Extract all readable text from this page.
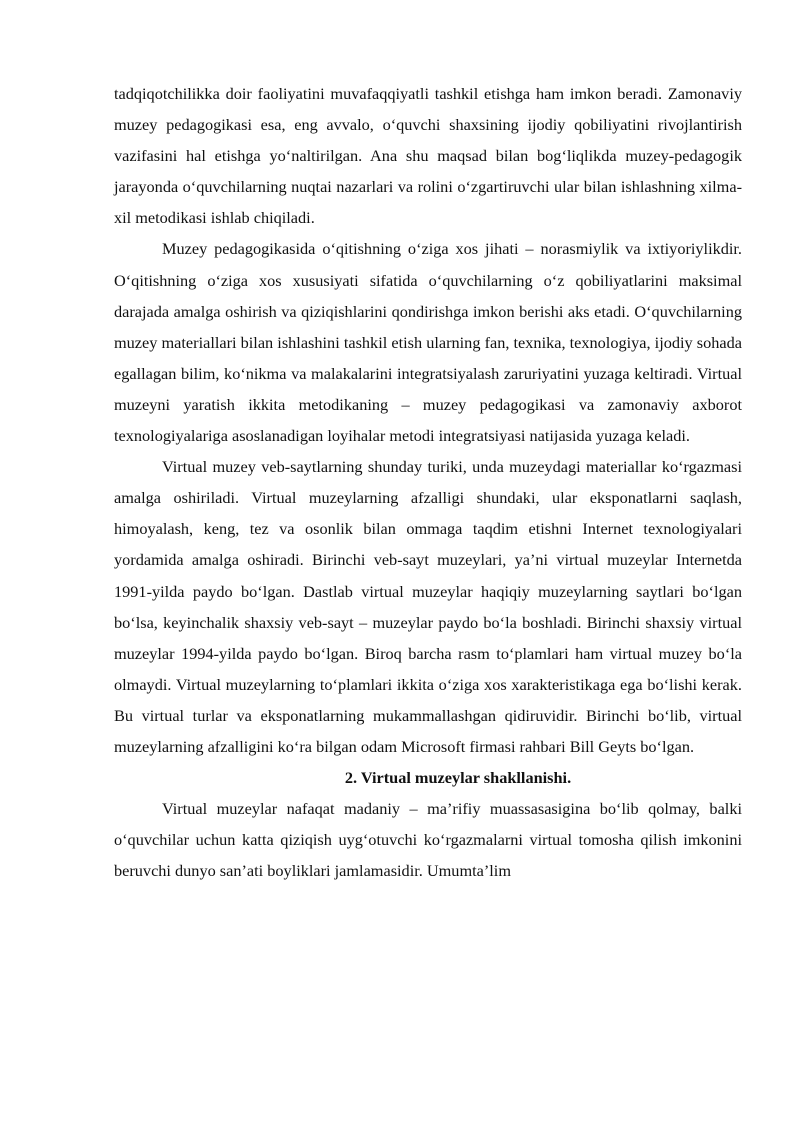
tadqiqotchilikka doir faoliyatini muvafaqqiyatli tashkil etishga ham imkon beradi. Zamonaviy muzey pedagogikasi esa, eng avvalo, o‘quvchi shaxsining ijodiy qobiliyatini rivojlantirish vazifasini hal etishga yo‘naltirilgan. Ana shu maqsad bilan bog‘liqlikda muzey-pedagogik jarayonda o‘quvchilarning nuqtai nazarlari va rolini o‘zgartiruvchi ular bilan ishlashning xilma-xil metodikasi ishlab chiqiladi.

Muzey pedagogikasida o‘qitishning o‘ziga xos jihati – norasmiylik va ixtiyoriylikdir. O‘qitishning o‘ziga xos xususiyati sifatida o‘quvchilarning o‘z qobiliyatlarini maksimal darajada amalga oshirish va qiziqishlarini qondirishga imkon berishi aks etadi. O‘quvchilarning muzey materiallari bilan ishlashini tashkil etish ularning fan, texnika, texnologiya, ijodiy sohada egallagan bilim, ko‘nikma va malakalarini integratsiyalash zaruriyatini yuzaga keltiradi. Virtual muzeyni yaratish ikkita metodikaning – muzey pedagogikasi va zamonaviy axborot texnologiyalariga asoslanadigan loyihalar metodi integratsiyasi natijasida yuzaga keladi.

Virtual muzey veb-saytlarning shunday turiki, unda muzeydagi materiallar ko‘rgazmasi amalga oshiriladi. Virtual muzeylarning afzalligi shundaki, ular eksponatlarni saqlash, himoyalash, keng, tez va osonlik bilan ommaga taqdim etishni Internet texnologiyalari yordamida amalga oshiradi. Birinchi veb-sayt muzeylari, ya’ni virtual muzeylar Internetda 1991-yilda paydo bo‘lgan. Dastlab virtual muzeylar haqiqiy muzeylarning saytlari bo‘lgan bo‘lsa, keyinchalik shaxsiy veb-sayt – muzeylar paydo bo‘la boshladi. Birinchi shaxsiy virtual muzeylar 1994-yilda paydo bo‘lgan. Biroq barcha rasm to‘plamlari ham virtual muzey bo‘la olmaydi. Virtual muzeylarning to‘plamlari ikkita o‘ziga xos xarakteristikaga ega bo‘lishi kerak. Bu virtual turlar va eksponatlarning mukammallashgan qidiruvidir. Birinchi bo‘lib, virtual muzeylarning afzalligini ko‘ra bilgan odam Microsoft firmasi rahbari Bill Geyts bo‘lgan.

2. Virtual muzeylar shakllanishi.

Virtual muzeylar nafaqat madaniy – ma’rifiy muassasasigina bo‘lib qolmay, balki o‘quvchilar uchun katta qiziqish uyg‘otuvchi ko‘rgazmalarni virtual tomosha qilish imkonini beruvchi dunyo san’ati boyliklari jamlamasidir. Umumta’lim
